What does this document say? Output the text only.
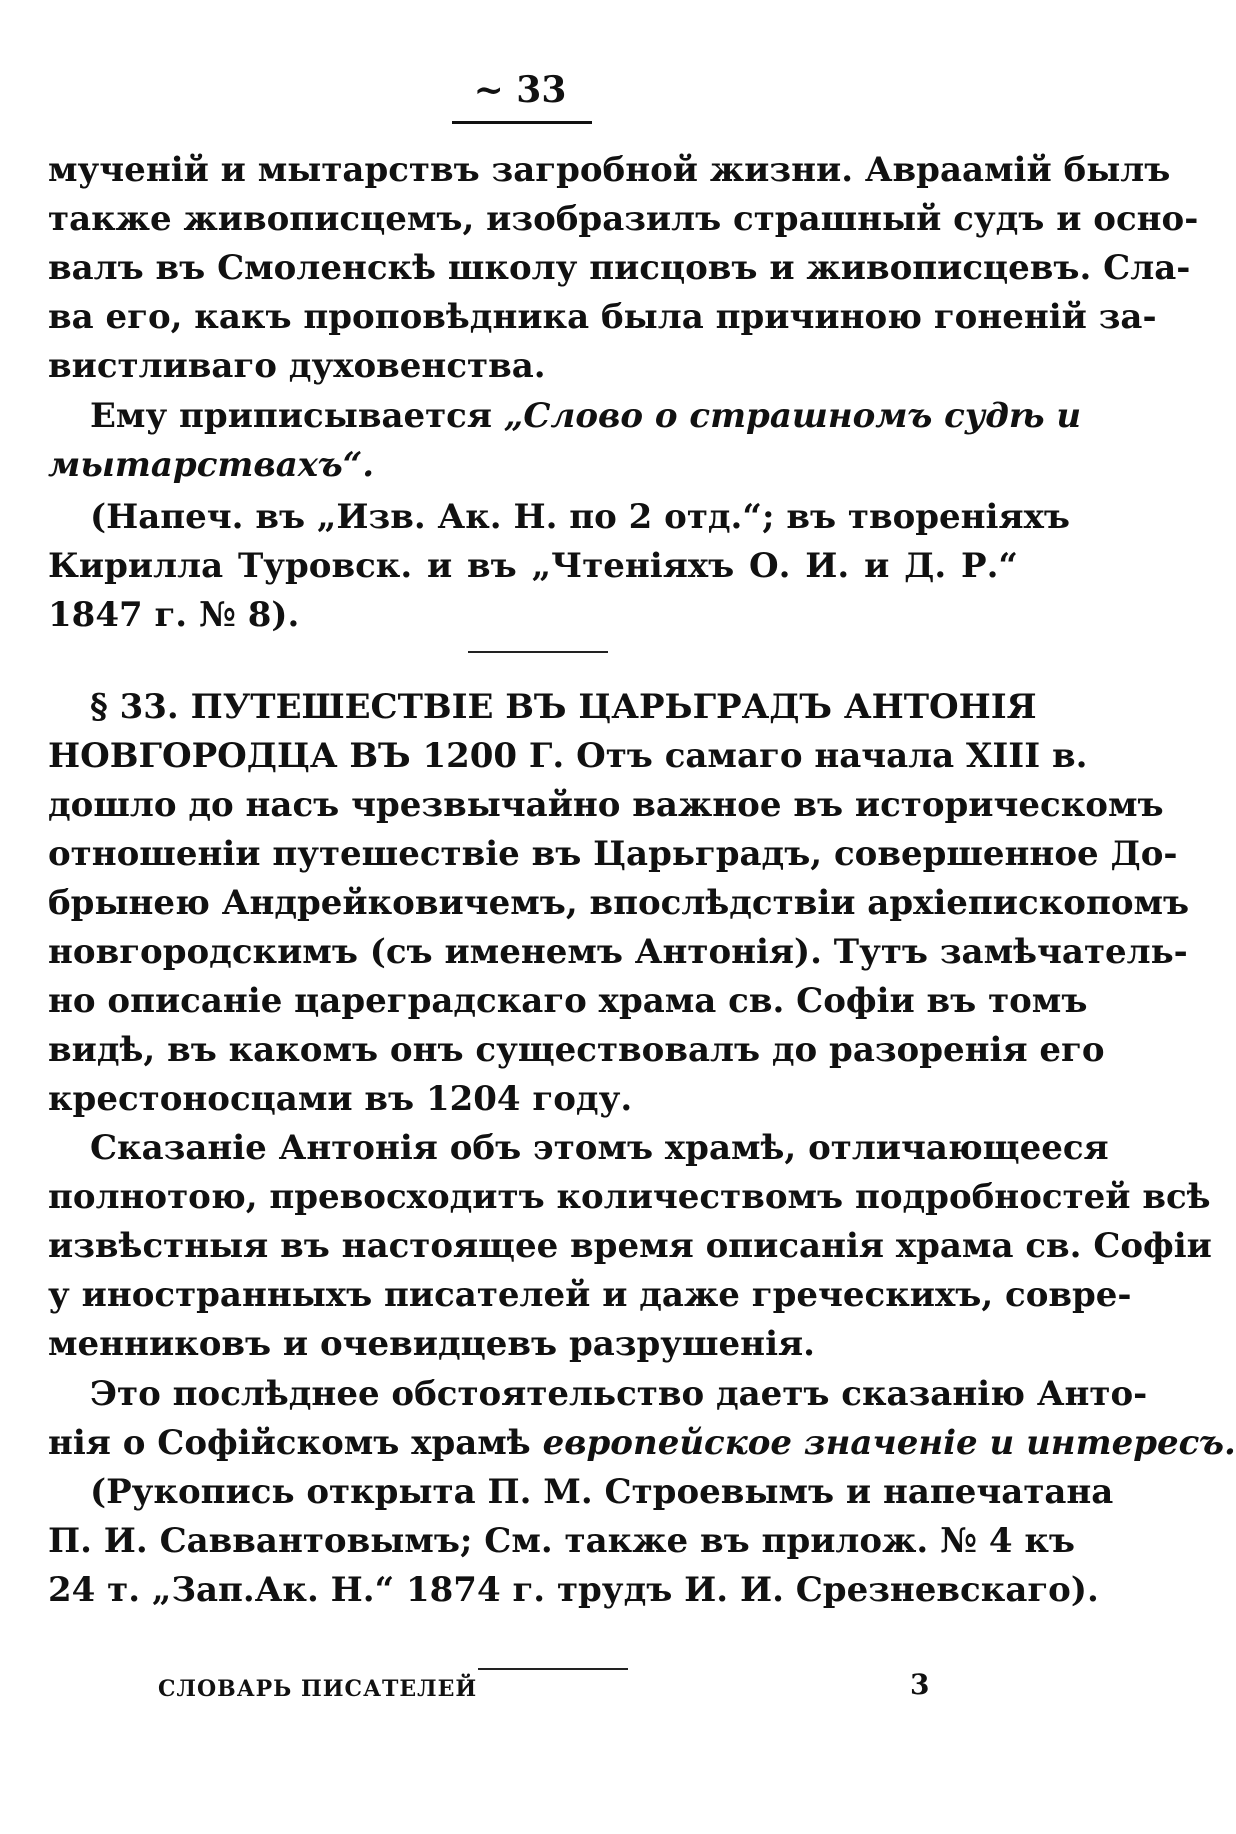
~ 33
мученій и мытарствъ загробной жизни. Авраамій былъ
также живописцемъ, изобразилъ страшный судъ и осно-
валъ въ Смоленскѣ школу писцовъ и живописцевъ. Сла-
ва его, какъ проповѣдника была причиною гоненій за-
вистливаго духовенства.
Ему приписывается „Слово о страшномъ судѣ и
мытарствахъ“.
(Напеч. въ „Изв. Ак. Н. по 2 отд.“; въ твореніяхъ
Кирилла Туровск. и въ „Чтеніяхъ О. И. и Д. Р.“
1847 г. № 8).
§ 33. ПУТЕШЕСТВІЕ ВЪ ЦАРЬГРАДЪ АНТОНІЯ
НОВГОРОДЦА ВЪ 1200 Г. Отъ самаго начала XIII в.
дошло до насъ чрезвычайно важное въ историческомъ
отношеніи путешествіе въ Царьградъ, совершенное До-
брынею Андрейковичемъ, впослѣдствіи архіепископомъ
новгородскимъ (съ именемъ Антонія). Тутъ замѣчатель-
но описаніе цареградскаго храма св. Софіи въ томъ
видѣ, въ какомъ онъ существовалъ до разоренія его
крестоносцами въ 1204 году.
Сказаніе Антонія объ этомъ храмѣ, отличающееся
полнотою, превосходитъ количествомъ подробностей всѣ
извѣстныя въ настоящее время описанія храма св. Софіи
у иностранныхъ писателей и даже греческихъ, совре-
менниковъ и очевидцевъ разрушенія.
Это послѣднее обстоятельство даетъ сказанію Анто-
нія о Софійскомъ храмѣ европейское значеніе и интересъ.
(Рукопись открыта П. М. Строевымъ и напечатана
П. И. Саввантовымъ; См. также въ прилож. № 4 къ
24 т. „Зап.Ак. Н.“ 1874 г. трудъ И. И. Срезневскаго).
СЛОВАРЬ ПИСАТЕЛЕЙ	3
